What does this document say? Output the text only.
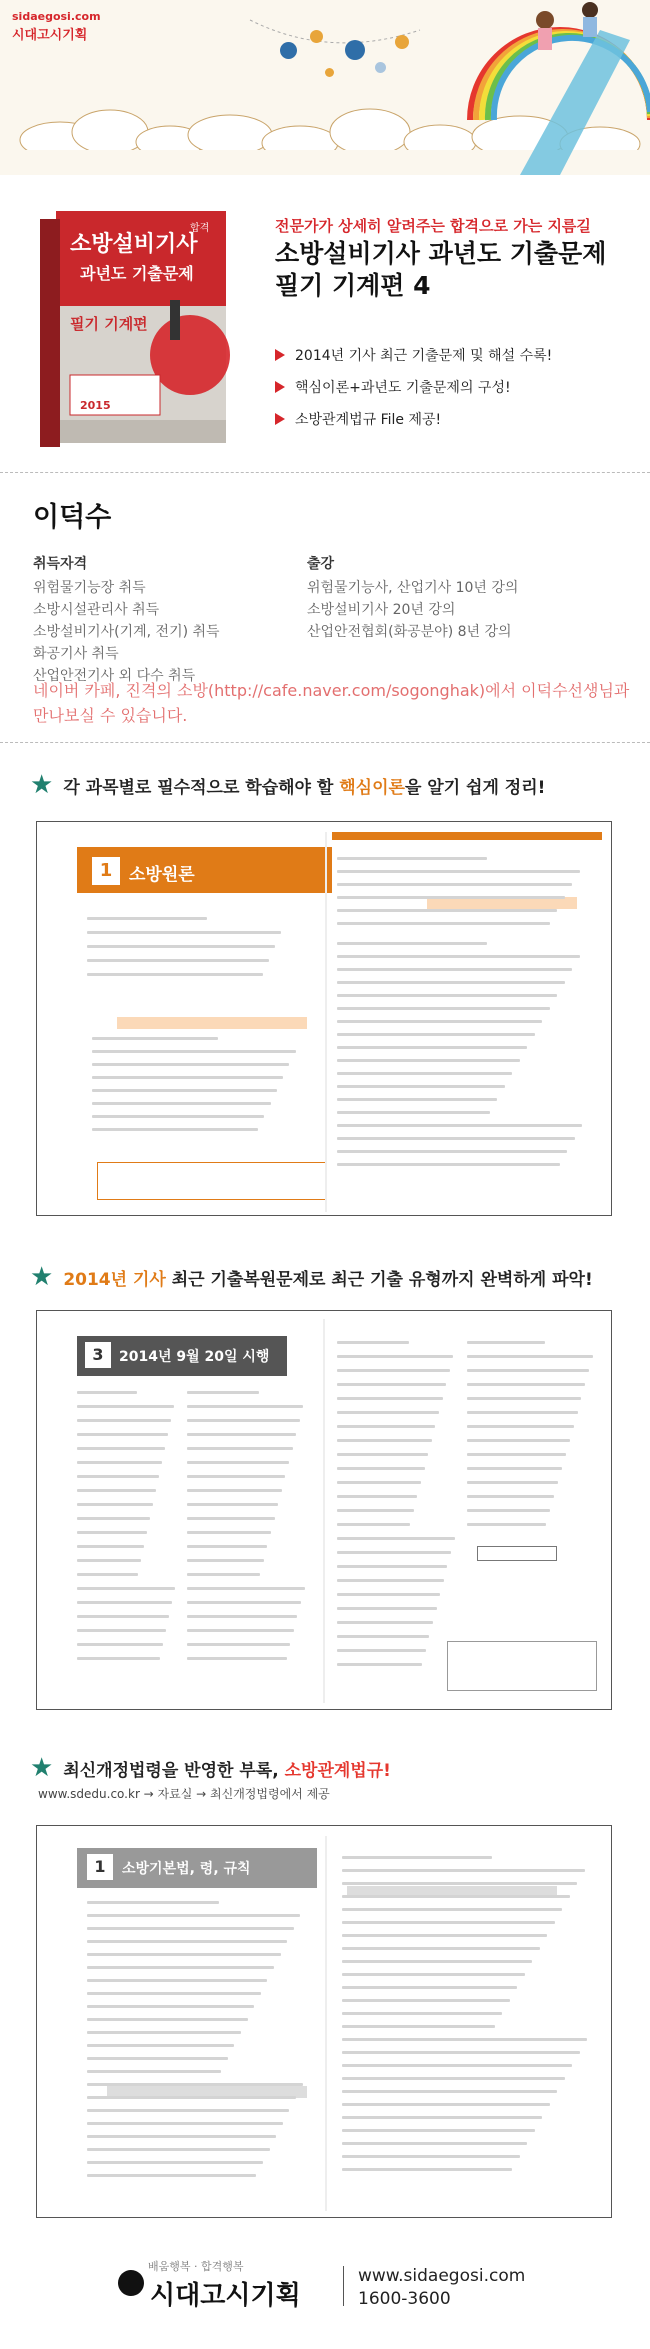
sidaegosi.com
시대고시기획
합격
소방설비기사
과년도 기출문제
필기 기계편
2015
전문가가 상세히 알려주는 합격으로 가는 지름길
소방설비기사 과년도 기출문제
필기 기계편 4
2014년 기사 최근 기출문제 및 해설 수록!
핵심이론+과년도 기출문제의 구성!
소방관계법규 File 제공!
이덕수
취득자격
위험물기능장 취득
소방시설관리사 취득
소방설비기사(기계, 전기) 취득
화공기사 취득
산업안전기사 외 다수 취득
출강
위험물기능사, 산업기사 10년 강의
소방설비기사 20년 강의
산업안전협회(화공분야) 8년 강의
네이버 카페, 진격의 소방(http://cafe.naver.com/sogonghak)에서 이덕수선생님과
만나보실 수 있습니다.
★ 각 과목별로 필수적으로 학습해야 할 핵심이론을 알기 쉽게 정리!
1 소방원론
★ 2014년 기사 최근 기출복원문제로 최근 기출 유형까지 완벽하게 파악!
3	2014년 9월 20일 시행
★ 최신개정법령을 반영한 부록, 소방관계법규!
www.sdedu.co.kr → 자료실 → 최신개정법령에서 제공
1	소방기본법, 령, 규칙
배움행복 · 합격행복
시대고시기획
www.sidaegosi.com
1600-3600
